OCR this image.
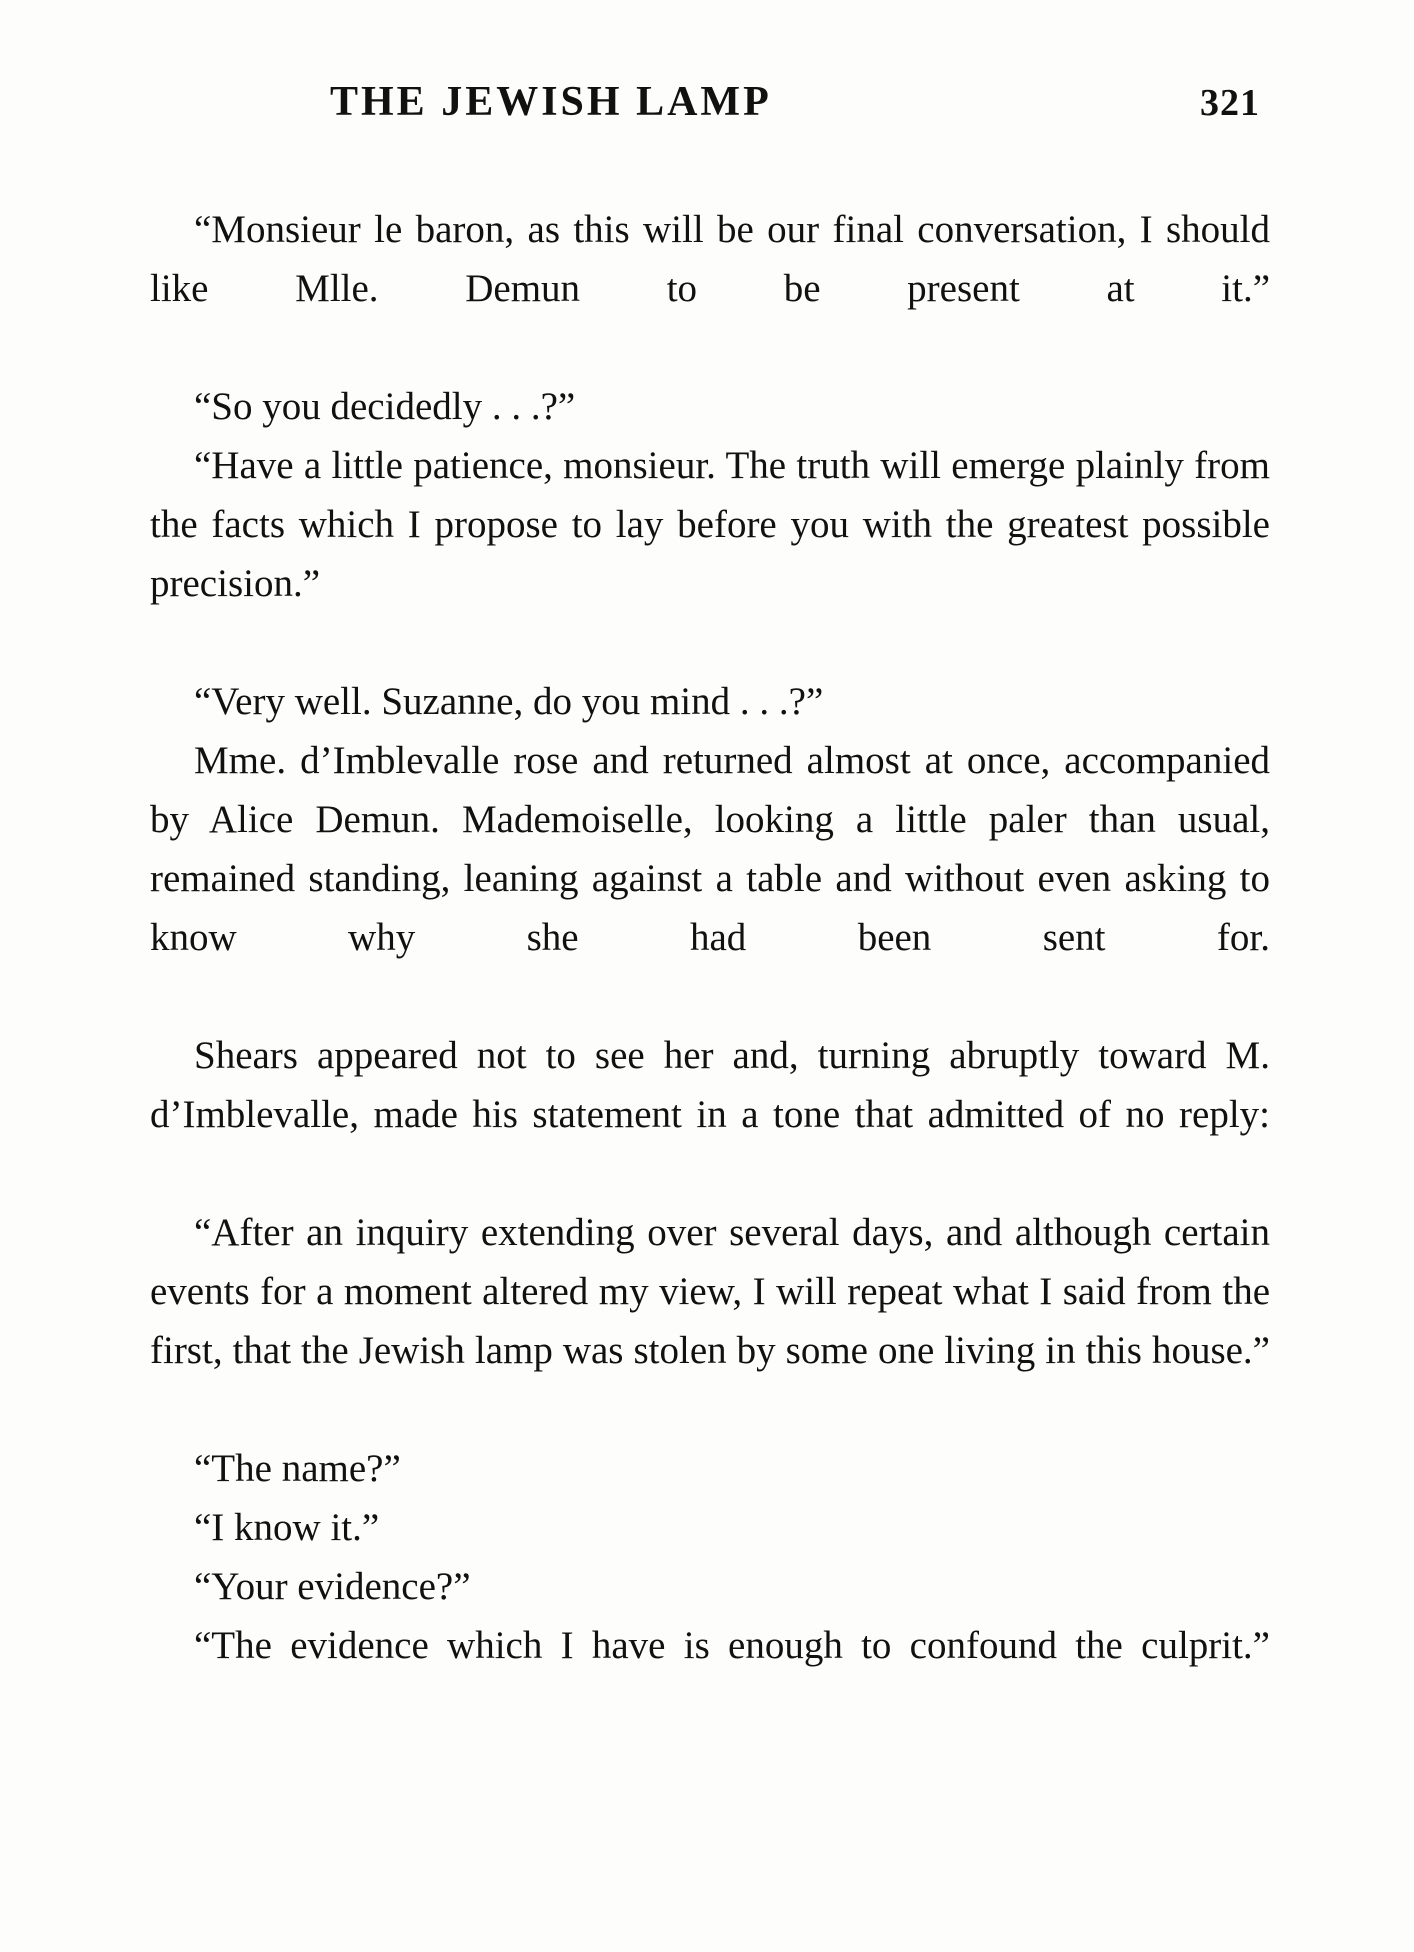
THE JEWISH LAMP	321

“Monsieur le baron, as this will be our final conversation, I should like Mlle. Demun to be present at it.”

“So you decidedly . . .?”

“Have a little patience, monsieur. The truth will emerge plainly from the facts which I propose to lay before you with the greatest possible precision.”

“Very well. Suzanne, do you mind . . .?”

Mme. d’Imblevalle rose and returned almost at once, accompanied by Alice Demun. Mademoiselle, looking a little paler than usual, remained standing, leaning against a table and without even asking to know why she had been sent for.

Shears appeared not to see her and, turning abruptly toward M. d’Imblevalle, made his statement in a tone that admitted of no reply:

“After an inquiry extending over several days, and although certain events for a moment altered my view, I will repeat what I said from the first, that the Jewish lamp was stolen by some one living in this house.”

“The name?”

“I know it.”

“Your evidence?”

“The evidence which I have is enough to confound the culprit.”
